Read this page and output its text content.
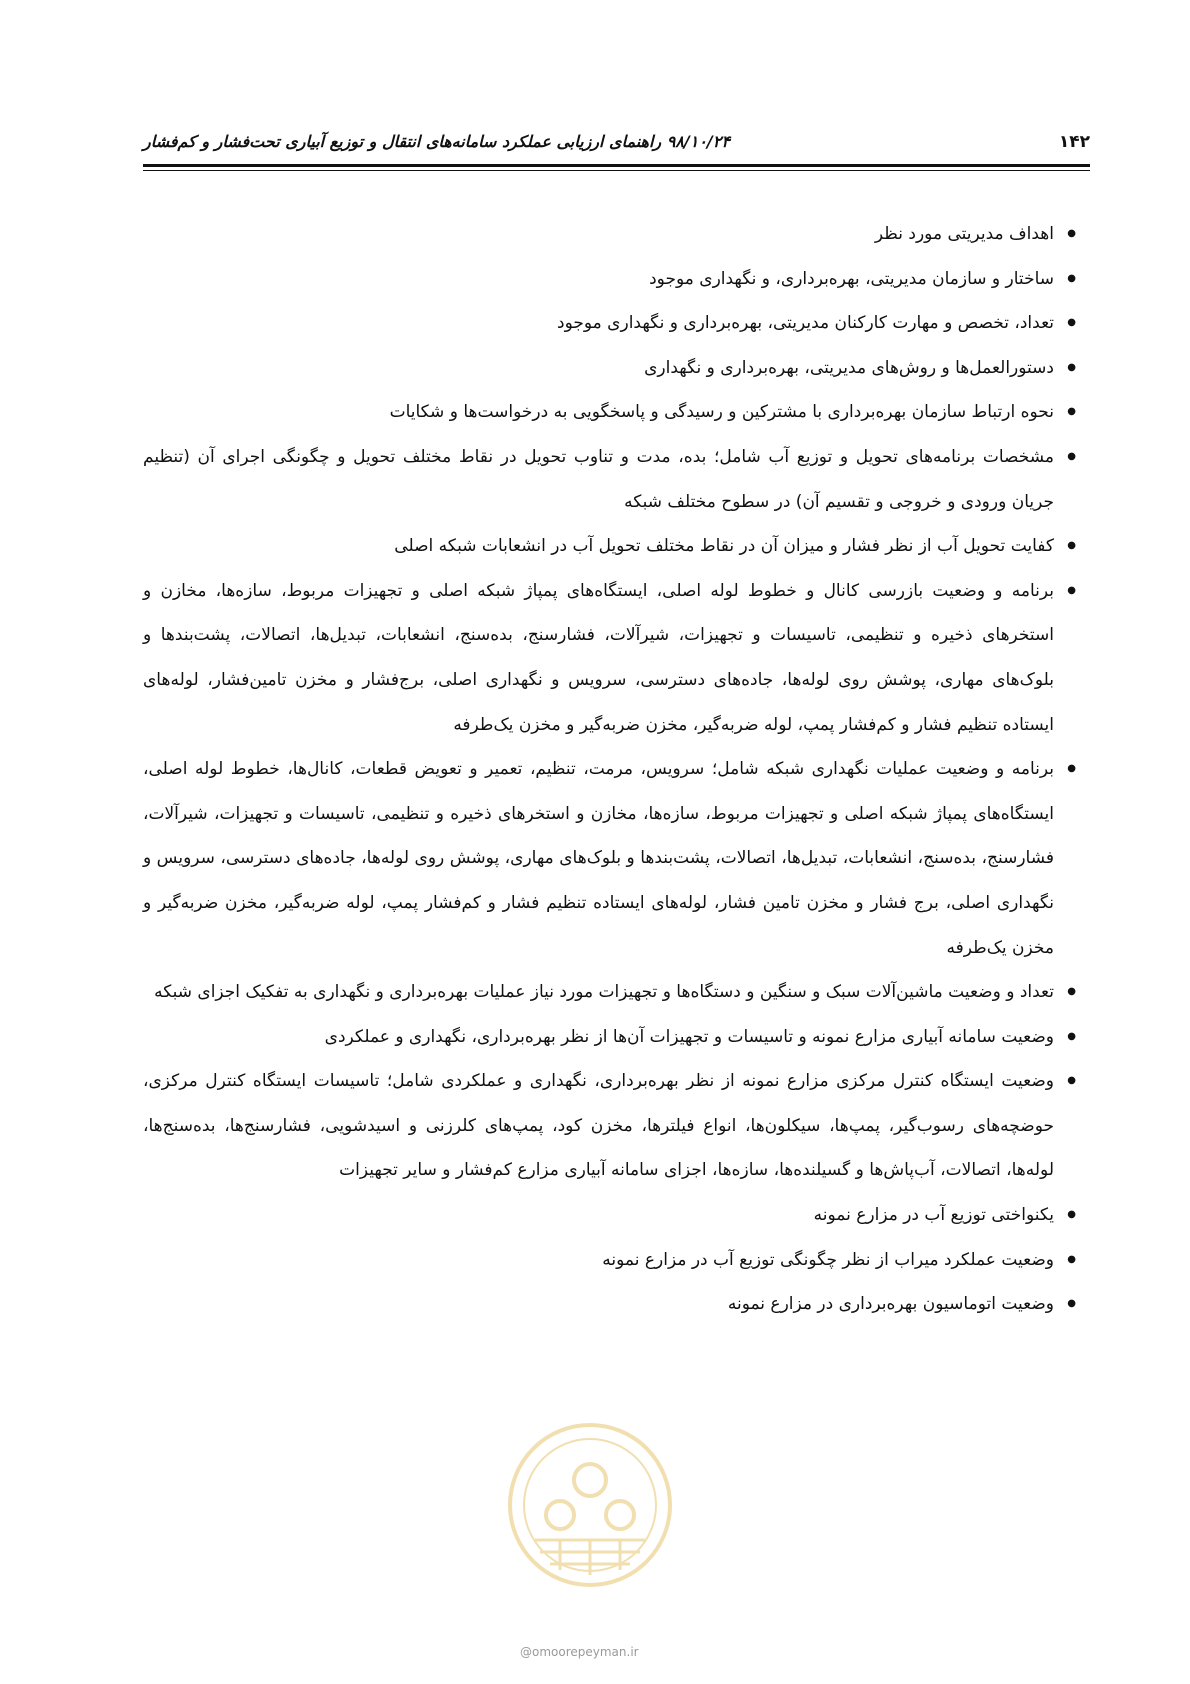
۱۴۲
۹۸/۱۰/۲۴ راهنمای ارزیابی عملکرد سامانه‌های انتقال و توزیع آبیاری تحت‌فشار و کم‌فشار
● اهداف مدیریتی مورد نظر
● ساختار و سازمان مدیریتی، بهره‌برداری، و نگهداری موجود
● تعداد، تخصص و مهارت کارکنان مدیریتی، بهره‌برداری و نگهداری موجود
● دستورالعمل‌ها و روش‌های مدیریتی، بهره‌برداری و نگهداری
● نحوه ارتباط سازمان بهره‌برداری با مشترکین و رسیدگی و پاسخگویی به درخواست‌ها و شکایات
● مشخصات برنامه‌های تحویل و توزیع آب شامل؛ بده، مدت و تناوب تحویل در نقاط مختلف تحویل و چگونگی اجرای آن (تنظیم جریان ورودی و خروجی و تقسیم آن) در سطوح مختلف شبکه
● کفایت تحویل آب از نظر فشار و میزان آن در نقاط مختلف تحویل آب در انشعابات شبکه اصلی
● برنامه و وضعیت بازرسی کانال و خطوط لوله اصلی، ایستگاه‌های پمپاژ شبکه اصلی و تجهیزات مربوط، سازه‌ها، مخازن و استخرهای ذخیره و تنظیمی، تاسیسات و تجهیزات، شیرآلات، فشارسنج، بده‌سنج، انشعابات، تبدیل‌ها، اتصالات، پشت‌بندها و بلوک‌های مهاری، پوشش روی لوله‌ها، جاده‌های دسترسی، سرویس و نگهداری اصلی، برج‌فشار و مخزن تامین‌فشار، لوله‌های ایستاده تنظیم فشار و کم‌فشار پمپ، لوله ضربه‌گیر، مخزن ضربه‌گیر و مخزن یک‌طرفه
● برنامه و وضعیت عملیات نگهداری شبکه شامل؛ سرویس، مرمت، تنظیم، تعمیر و تعویض قطعات، کانال‌ها، خطوط لوله اصلی، ایستگاه‌های پمپاژ شبکه اصلی و تجهیزات مربوط، سازه‌ها، مخازن و استخرهای ذخیره و تنظیمی، تاسیسات و تجهیزات، شیرآلات، فشارسنج، بده‌سنج، انشعابات، تبدیل‌ها، اتصالات، پشت‌بندها و بلوک‌های مهاری، پوشش روی لوله‌ها، جاده‌های دسترسی، سرویس و نگهداری اصلی، برج فشار و مخزن تامین فشار، لوله‌های ایستاده تنظیم فشار و کم‌فشار پمپ، لوله ضربه‌گیر، مخزن ضربه‌گیر و مخزن یک‌طرفه
● تعداد و وضعیت ماشین‌آلات سبک و سنگین و دستگاه‌ها و تجهیزات مورد نیاز عملیات بهره‌برداری و نگهداری به تفکیک اجزای شبکه
● وضعیت سامانه آبیاری مزارع نمونه و تاسیسات و تجهیزات آن‌ها از نظر بهره‌برداری، نگهداری و عملکردی
● وضعیت ایستگاه کنترل مرکزی مزارع نمونه از نظر بهره‌برداری، نگهداری و عملکردی شامل؛ تاسیسات ایستگاه کنترل مرکزی، حوضچه‌های رسوب‌گیر، پمپ‌ها، سیکلون‌ها، انواع فیلترها، مخزن کود، پمپ‌های کلرزنی و اسیدشویی، فشارسنج‌ها، بده‌سنج‌ها، لوله‌ها، اتصالات، آب‌پاش‌ها و گسیلنده‌ها، سازه‌ها، اجزای سامانه آبیاری مزارع کم‌فشار و سایر تجهیزات
● یکنواختی توزیع آب در مزارع نمونه
● وضعیت عملکرد میراب از نظر چگونگی توزیع آب در مزارع نمونه
● وضعیت اتوماسیون بهره‌برداری در مزارع نمونه
@omoorepeyman.ir
